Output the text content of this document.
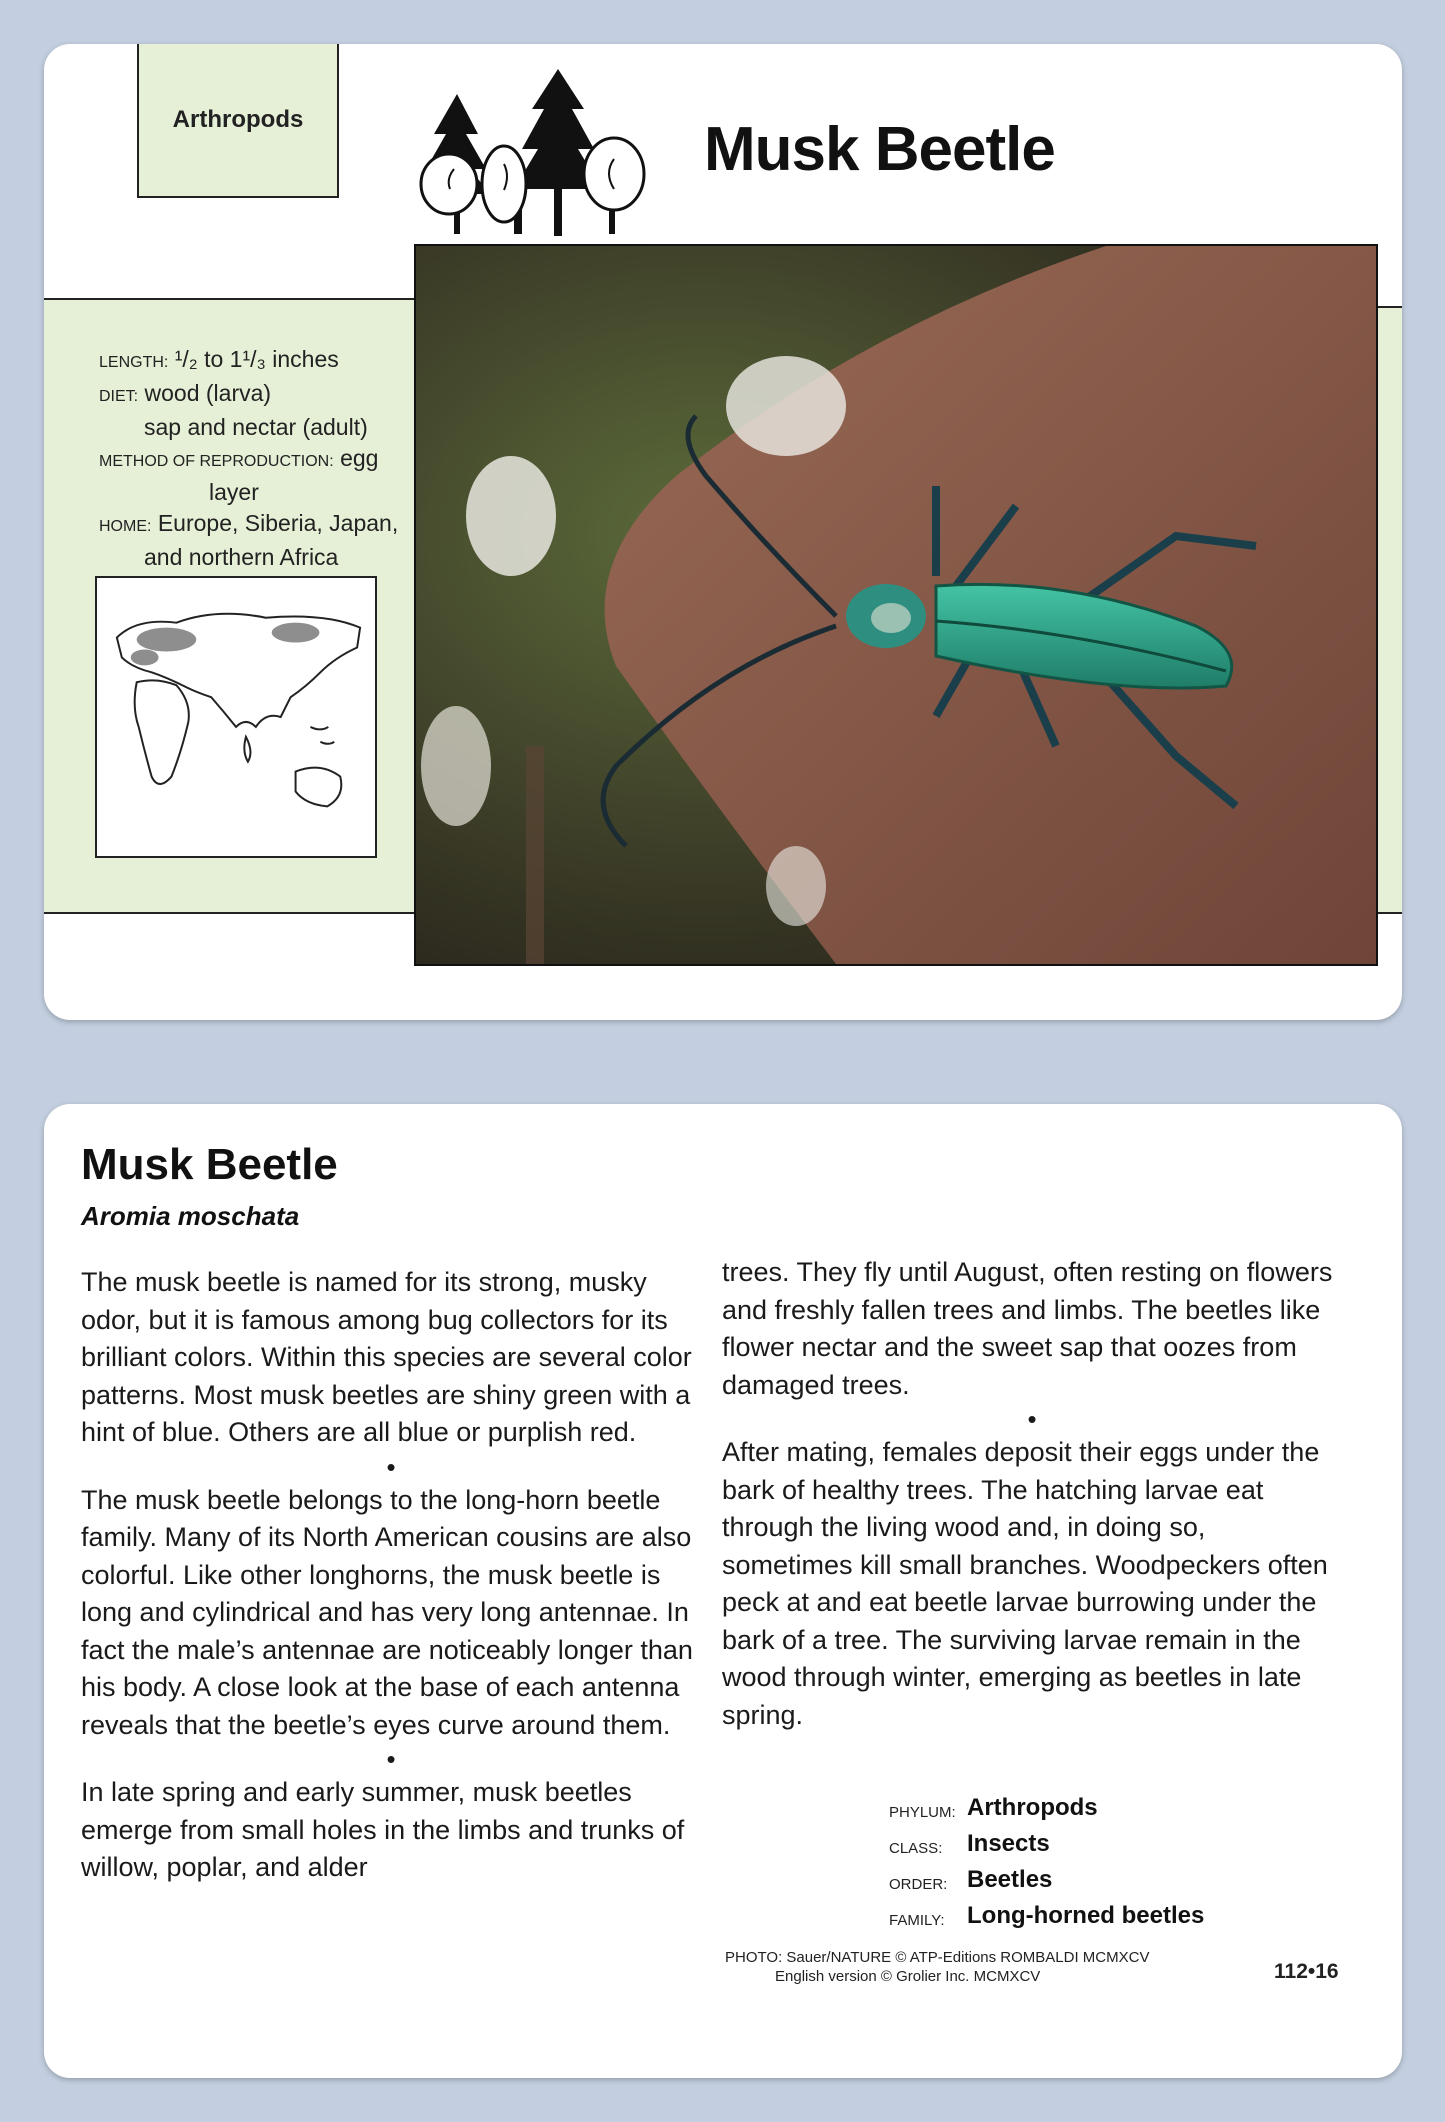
Arthropods	Musk Beetle
LENGTH: ¹/₂ to 1¹/₃ inches
DIET: wood (larva)
sap and nectar (adult)
METHOD OF REPRODUCTION: egg
layer
HOME: Europe, Siberia, Japan,
and northern Africa
Musk Beetle
Aromia moschata

The musk beetle is named for its strong, musky odor, but it is famous among bug collectors for its brilliant colors. Within this species are several color patterns. Most musk beetles are shiny green with a hint of blue. Others are all blue or purplish red.

•

The musk beetle belongs to the long-horn beetle family. Many of its North American cousins are also colorful. Like other longhorns, the musk beetle is long and cylindrical and has very long antennae. In fact the male’s antennae are noticeably longer than his body. A close look at the base of each antenna reveals that the beetle’s eyes curve around them.

•

In late spring and early summer, musk beetles emerge from small holes in the limbs and trunks of willow, poplar, and alder

trees. They fly until August, often resting on flowers and freshly fallen trees and limbs. The beetles like flower nectar and the sweet sap that oozes from damaged trees.

•

After mating, females deposit their eggs under the bark of healthy trees. The hatching larvae eat through the living wood and, in doing so, sometimes kill small branches. Woodpeckers often peck at and eat beetle larvae burrowing under the bark of a tree. The surviving larvae remain in the wood through winter, emerging as beetles in late spring.

PHYLUM: Arthropods
CLASS:	Insects
ORDER: Beetles
FAMILY: Long-horned beetles
PHOTO: Sauer/NATURE © ATP-Editions ROMBALDI MCMXCV
English version © Grolier Inc. MCMXCV	112•16
